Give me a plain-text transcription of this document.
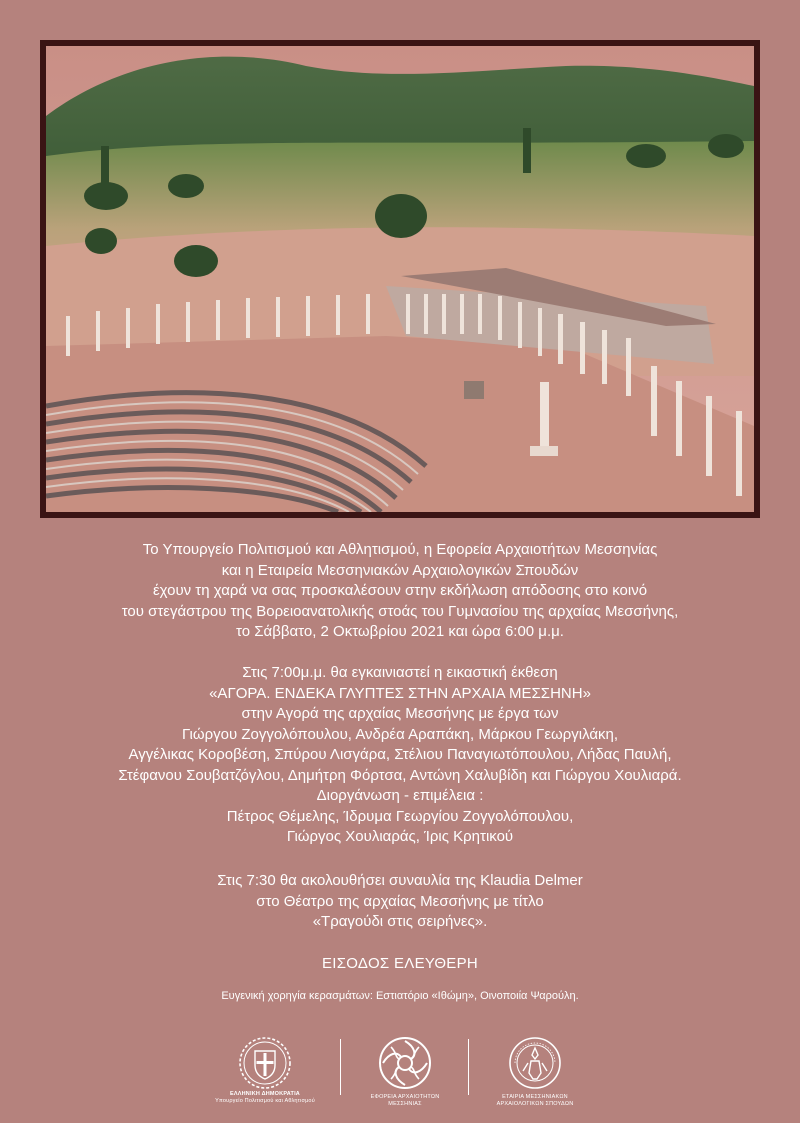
Το Υπουργείο Πολιτισμού και Αθλητισμού, η Εφορεία Αρχαιοτήτων Μεσσηνίας
και η Εταιρεία Μεσσηνιακών Αρχαιολογικών Σπουδών
έχουν τη χαρά να σας προσκαλέσουν στην εκδήλωση απόδοσης στο κοινό
του στεγάστρου της Βορειοανατολικής στοάς του Γυμνασίου της αρχαίας Μεσσήνης,
το Σάββατο, 2 Οκτωβρίου 2021 και ώρα 6:00 μ.μ.
Στις 7:00μ.μ. θα εγκαινιαστεί η εικαστική έκθεση
«ΑΓΟΡΑ. ΕΝΔΕΚΑ ΓΛΥΠΤΕΣ ΣΤΗΝ ΑΡΧΑΙΑ ΜΕΣΣΗΝΗ»
στην Αγορά της αρχαίας Μεσσήνης με έργα των
Γιώργου Ζογγολόπουλου, Ανδρέα Αραπάκη, Μάρκου Γεωργιλάκη,
Αγγέλικας Κοροβέση, Σπύρου Λισγάρα, Στέλιου Παναγιωτόπουλου, Λήδας Παυλή,
Στέφανου Σουβατζόγλου, Δημήτρη Φόρτσα, Αντώνη Χαλυβίδη και Γιώργου Χουλιαρά.
Διοργάνωση - επιμέλεια :
Πέτρος Θέμελης, Ίδρυμα Γεωργίου Ζογγολόπουλου,
Γιώργος Χουλιαράς, Ίρις Κρητικού
Στις 7:30 θα ακολουθήσει συναυλία της Klaudia Delmer
στο Θέατρο της αρχαίας Μεσσήνης με τίτλο
«Τραγούδι στις σειρήνες».
ΕΙΣΟΔΟΣ ΕΛΕΥΘΕΡΗ
Ευγενική χορηγία κερασμάτων: Εστιατόριο «Ιθώμη», Οινοποιία Ψαρούλη.
ΕΛΛΗΝΙΚΗ ΔΗΜΟΚΡΑΤΙΑ
Υπουργείο Πολιτισμού και Αθλητισμού
ΕΦΟΡΕΙΑ ΑΡΧΑΙΟΤΗΤΩΝ
ΜΕΣΣΗΝΙΑΣ
ΕΤΑΙΡΙΑ ΜΕΣΣΗΝΙΑΚΩΝ
ΑΡΧΑΙΟΛΟΓΙΚΩΝ ΣΠΟΥΔΩΝ
